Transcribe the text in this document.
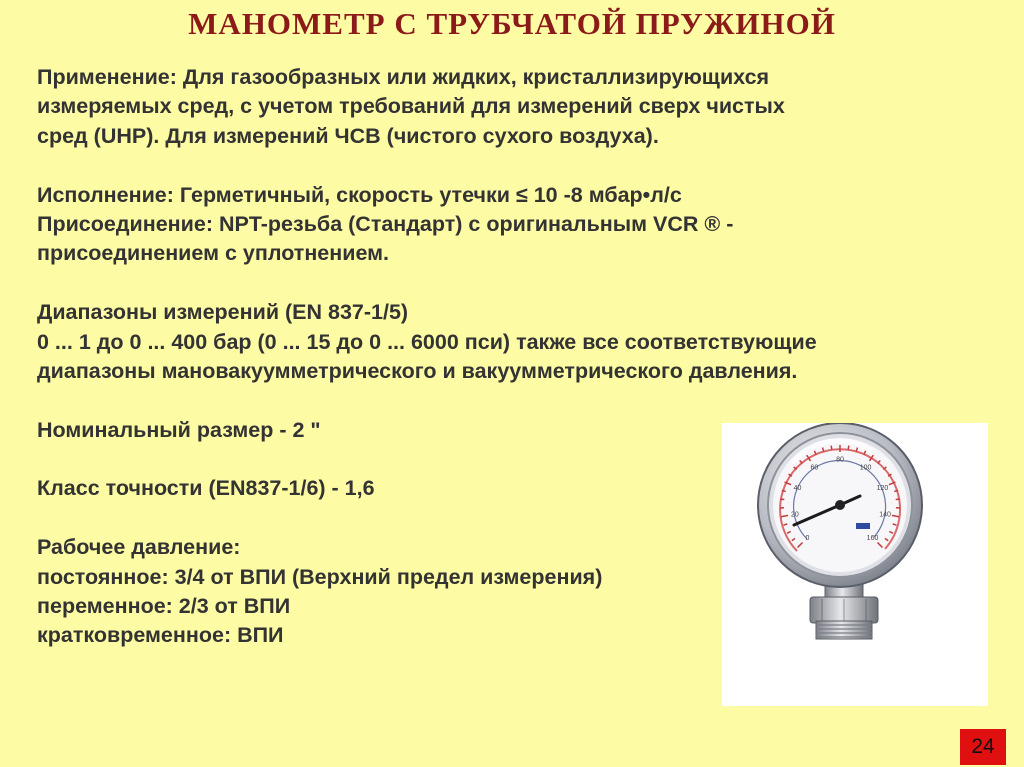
МАНОМЕТР С ТРУБЧАТОЙ ПРУЖИНОЙ
Применение: Для газообразных или жидких, кристаллизирующихся
измеряемых сред, с учетом требований для измерений сверх чистых
сред (UHP). Для измерений ЧСВ (чистого сухого воздуха).
Исполнение: Герметичный, скорость утечки ≤ 10 -8 мбар•л/с
Присоединение: NPT-резьба (Стандарт) с оригинальным VCR ® -
присоединением с уплотнением.
Диапазоны измерений (EN 837-1/5)
0 ... 1 до 0 ... 400 бар (0 ... 15 до 0 ... 6000 пси) также все соответствующие
диапазоны мановакуумметрического и вакуумметрического давления.
Номинальный размер - 2 "
Класс точности (EN837-1/6) - 1,6
Рабочее давление:
постоянное: 3/4 от ВПИ (Верхний предел измерения)
переменное: 2/3 от ВПИ
кратковременное: ВПИ
0
20
40
60
80
100
120
140
160
24
